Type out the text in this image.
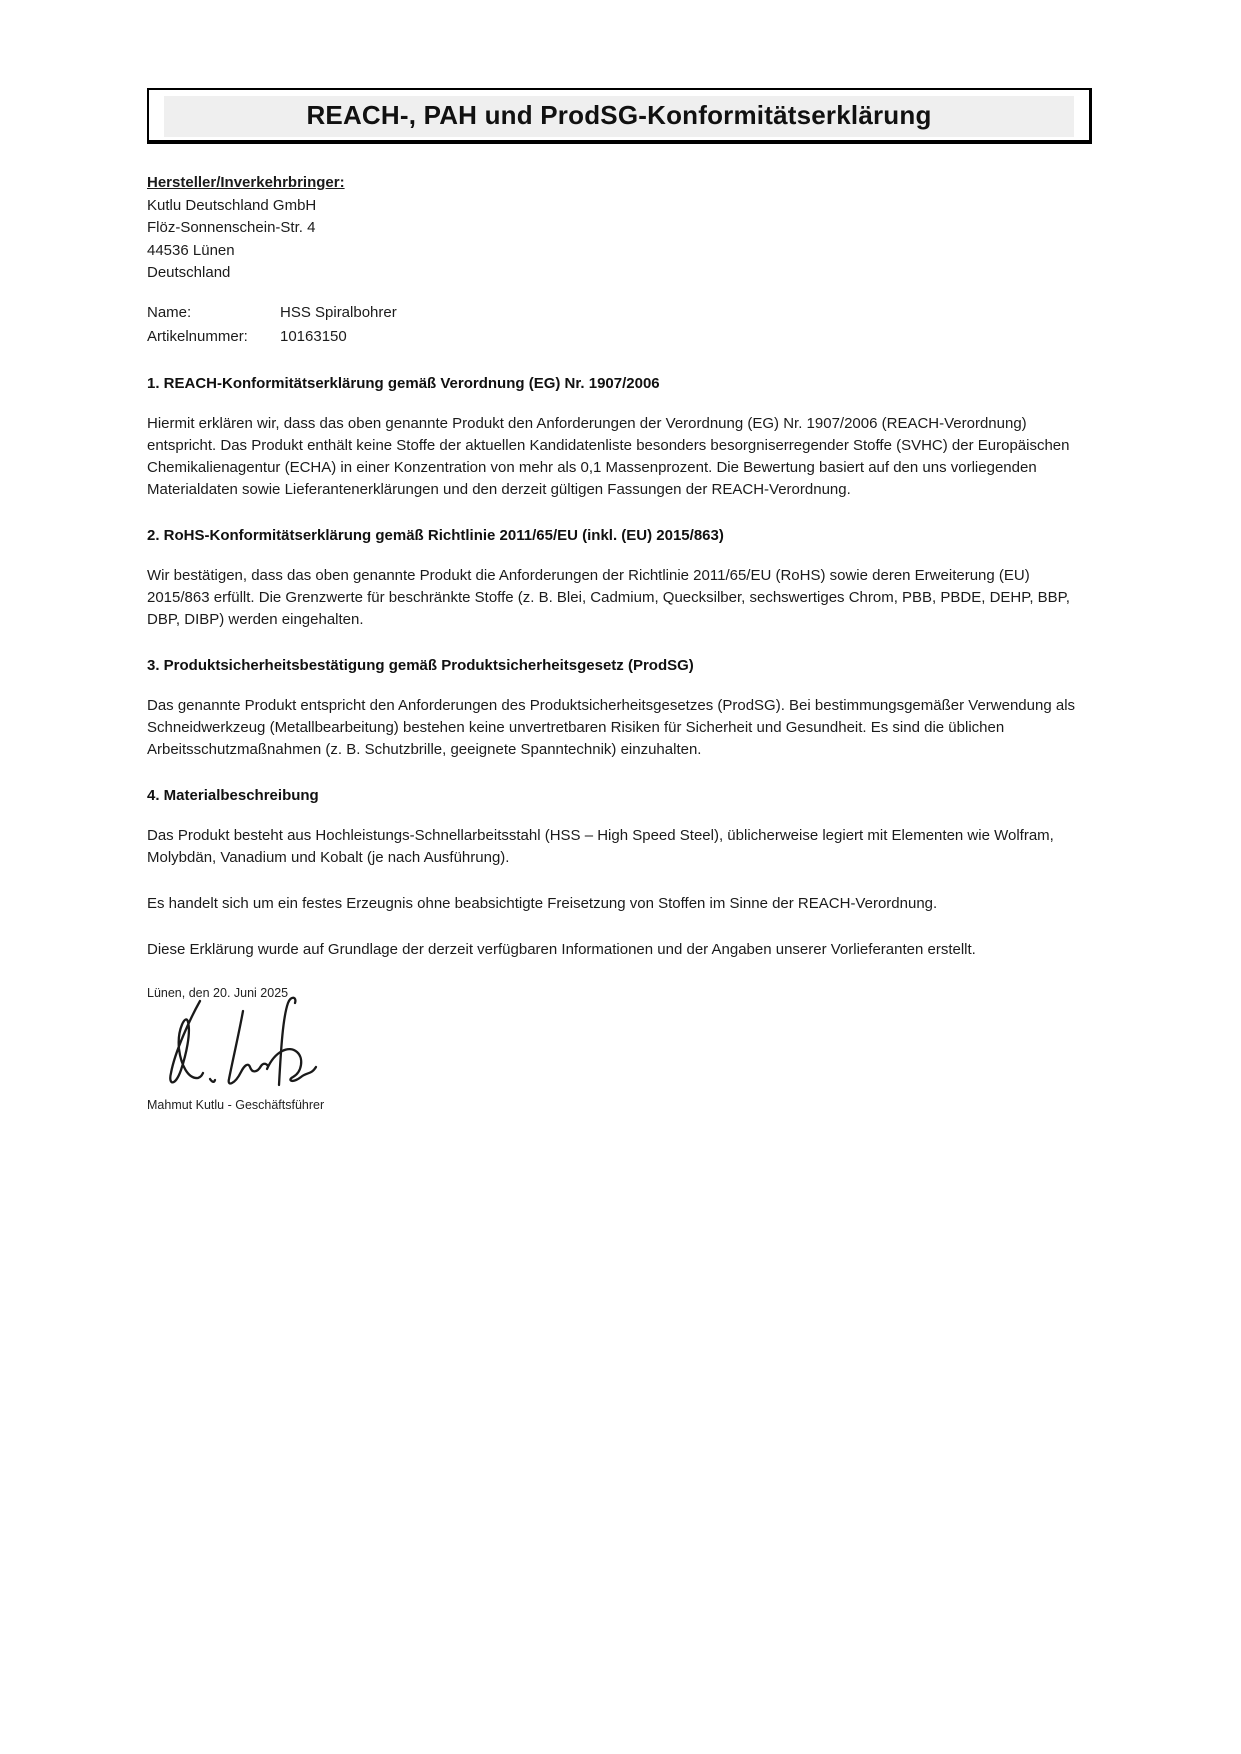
REACH-, PAH und ProdSG-Konformitätserklärung

Hersteller/Inverkehrbringer:

Kutlu Deutschland GmbH
Flöz-Sonnenschein-Str. 4
44536 Lünen
Deutschland
Name:	HSS Spiralbohrer
Artikelnummer:	10163150
1. REACH-Konformitätserklärung gemäß Verordnung (EG) Nr. 1907/2006

Hiermit erklären wir, dass das oben genannte Produkt den Anforderungen der Verordnung (EG) Nr. 1907/2006 (REACH-Verordnung) entspricht. Das Produkt enthält keine Stoffe der aktuellen Kandidatenliste besonders besorgniserregender Stoffe (SVHC) der Europäischen Chemikalienagentur (ECHA) in einer Konzentration von mehr als 0,1 Massenprozent. Die Bewertung basiert auf den uns vorliegenden Materialdaten sowie Lieferantenerklärungen und den derzeit gültigen Fassungen der REACH-Verordnung.

2. RoHS-Konformitätserklärung gemäß Richtlinie 2011/65/EU (inkl. (EU) 2015/863)

Wir bestätigen, dass das oben genannte Produkt die Anforderungen der Richtlinie 2011/65/EU (RoHS) sowie deren Erweiterung (EU) 2015/863 erfüllt. Die Grenzwerte für beschränkte Stoffe (z. B. Blei, Cadmium, Quecksilber, sechswertiges Chrom, PBB, PBDE, DEHP, BBP, DBP, DIBP) werden eingehalten.

3. Produktsicherheitsbestätigung gemäß Produktsicherheitsgesetz (ProdSG)

Das genannte Produkt entspricht den Anforderungen des Produktsicherheitsgesetzes (ProdSG). Bei bestimmungsgemäßer Verwendung als Schneidwerkzeug (Metallbearbeitung) bestehen keine unvertretbaren Risiken für Sicherheit und Gesundheit. Es sind die üblichen Arbeitsschutzmaßnahmen (z. B. Schutzbrille, geeignete Spanntechnik) einzuhalten.

4. Materialbeschreibung

Das Produkt besteht aus Hochleistungs-Schnellarbeitsstahl (HSS – High Speed Steel), üblicherweise legiert mit Elementen wie Wolfram, Molybdän, Vanadium und Kobalt (je nach Ausführung).

Es handelt sich um ein festes Erzeugnis ohne beabsichtigte Freisetzung von Stoffen im Sinne der REACH-Verordnung.

Diese Erklärung wurde auf Grundlage der derzeit verfügbaren Informationen und der Angaben unserer Vorlieferanten erstellt.

Lünen, den 20. Juni 2025

Mahmut Kutlu - Geschäftsführer
